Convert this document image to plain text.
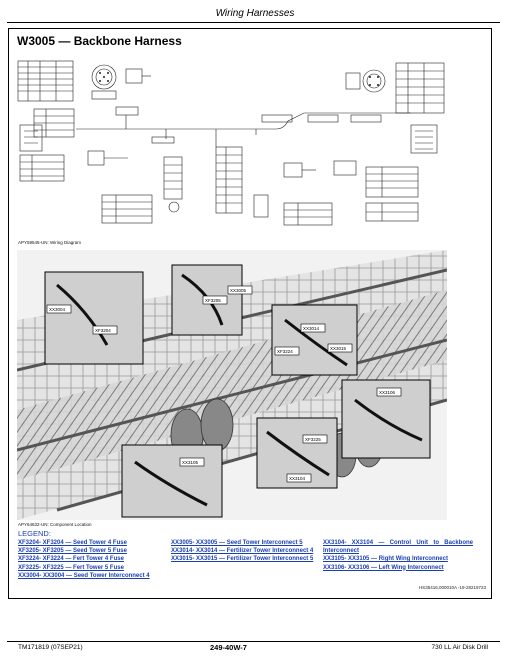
Wiring Harnesses
W3005 — Backbone Harness
APY59545-UN: Wiring Diagram
XX3005
XF3205
XX3004
XF3204	XX3014
XX3015
XF3224
XX3106
XF3225
XX3105
XX3104
APY64632-UN: Component Location
LEGEND:
XF3204- XF3204 — Seed Tower 4 Fuse
XF3205- XF3205 — Seed Tower 5 Fuse
XF3224- XF3224 — Fert Tower 4 Fuse
XF3225- XF3225 — Fert Tower 5 Fuse
XX3004- XX3004 — Seed Tower Interconnect 4
XX3005- XX3005 — Seed Tower Interconnect 5
XX3014- XX3014 — Fertilizer Tower Interconnect 4
XX3015- XX3015 — Fertilizer Tower Interconnect 5
XX3104- XX3104 — Control Unit to Backbone Interconnect
XX3105- XX3105 — Right Wing Interconnect
XX3106- XX3106 — Left Wing Interconnect
HS35416,000010A -19-28219723
TM171819 (07SEP21)	249-40W-7	730 LL Air Disk Drill
